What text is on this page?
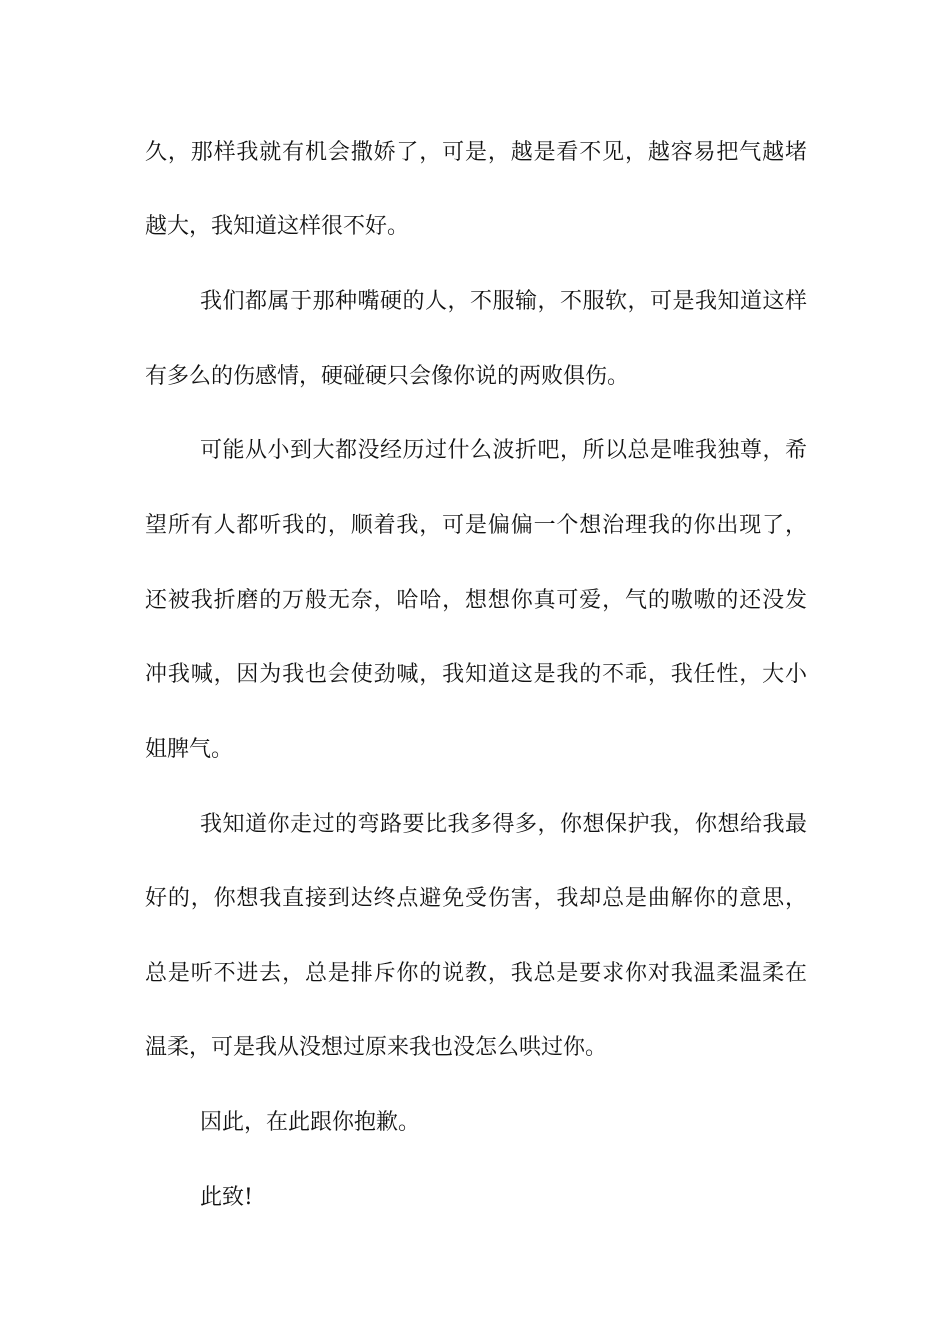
久，那样我就有机会撒娇了，可是，越是看不见，越容易把气越堵
越大，我知道这样很不好。
我们都属于那种嘴硬的人，不服输，不服软，可是我知道这样
有多么的伤感情，硬碰硬只会像你说的两败俱伤。
可能从小到大都没经历过什么波折吧，所以总是唯我独尊，希
望所有人都听我的，顺着我，可是偏偏一个想治理我的你出现了，
还被我折磨的万般无奈，哈哈，想想你真可爱，气的嗷嗷的还没发
冲我喊，因为我也会使劲喊，我知道这是我的不乖，我任性，大小
姐脾气。
我知道你走过的弯路要比我多得多，你想保护我，你想给我最
好的，你想我直接到达终点避免受伤害，我却总是曲解你的意思，
总是听不进去，总是排斥你的说教，我总是要求你对我温柔温柔在
温柔，可是我从没想过原来我也没怎么哄过你。
因此，在此跟你抱歉。
此致!
